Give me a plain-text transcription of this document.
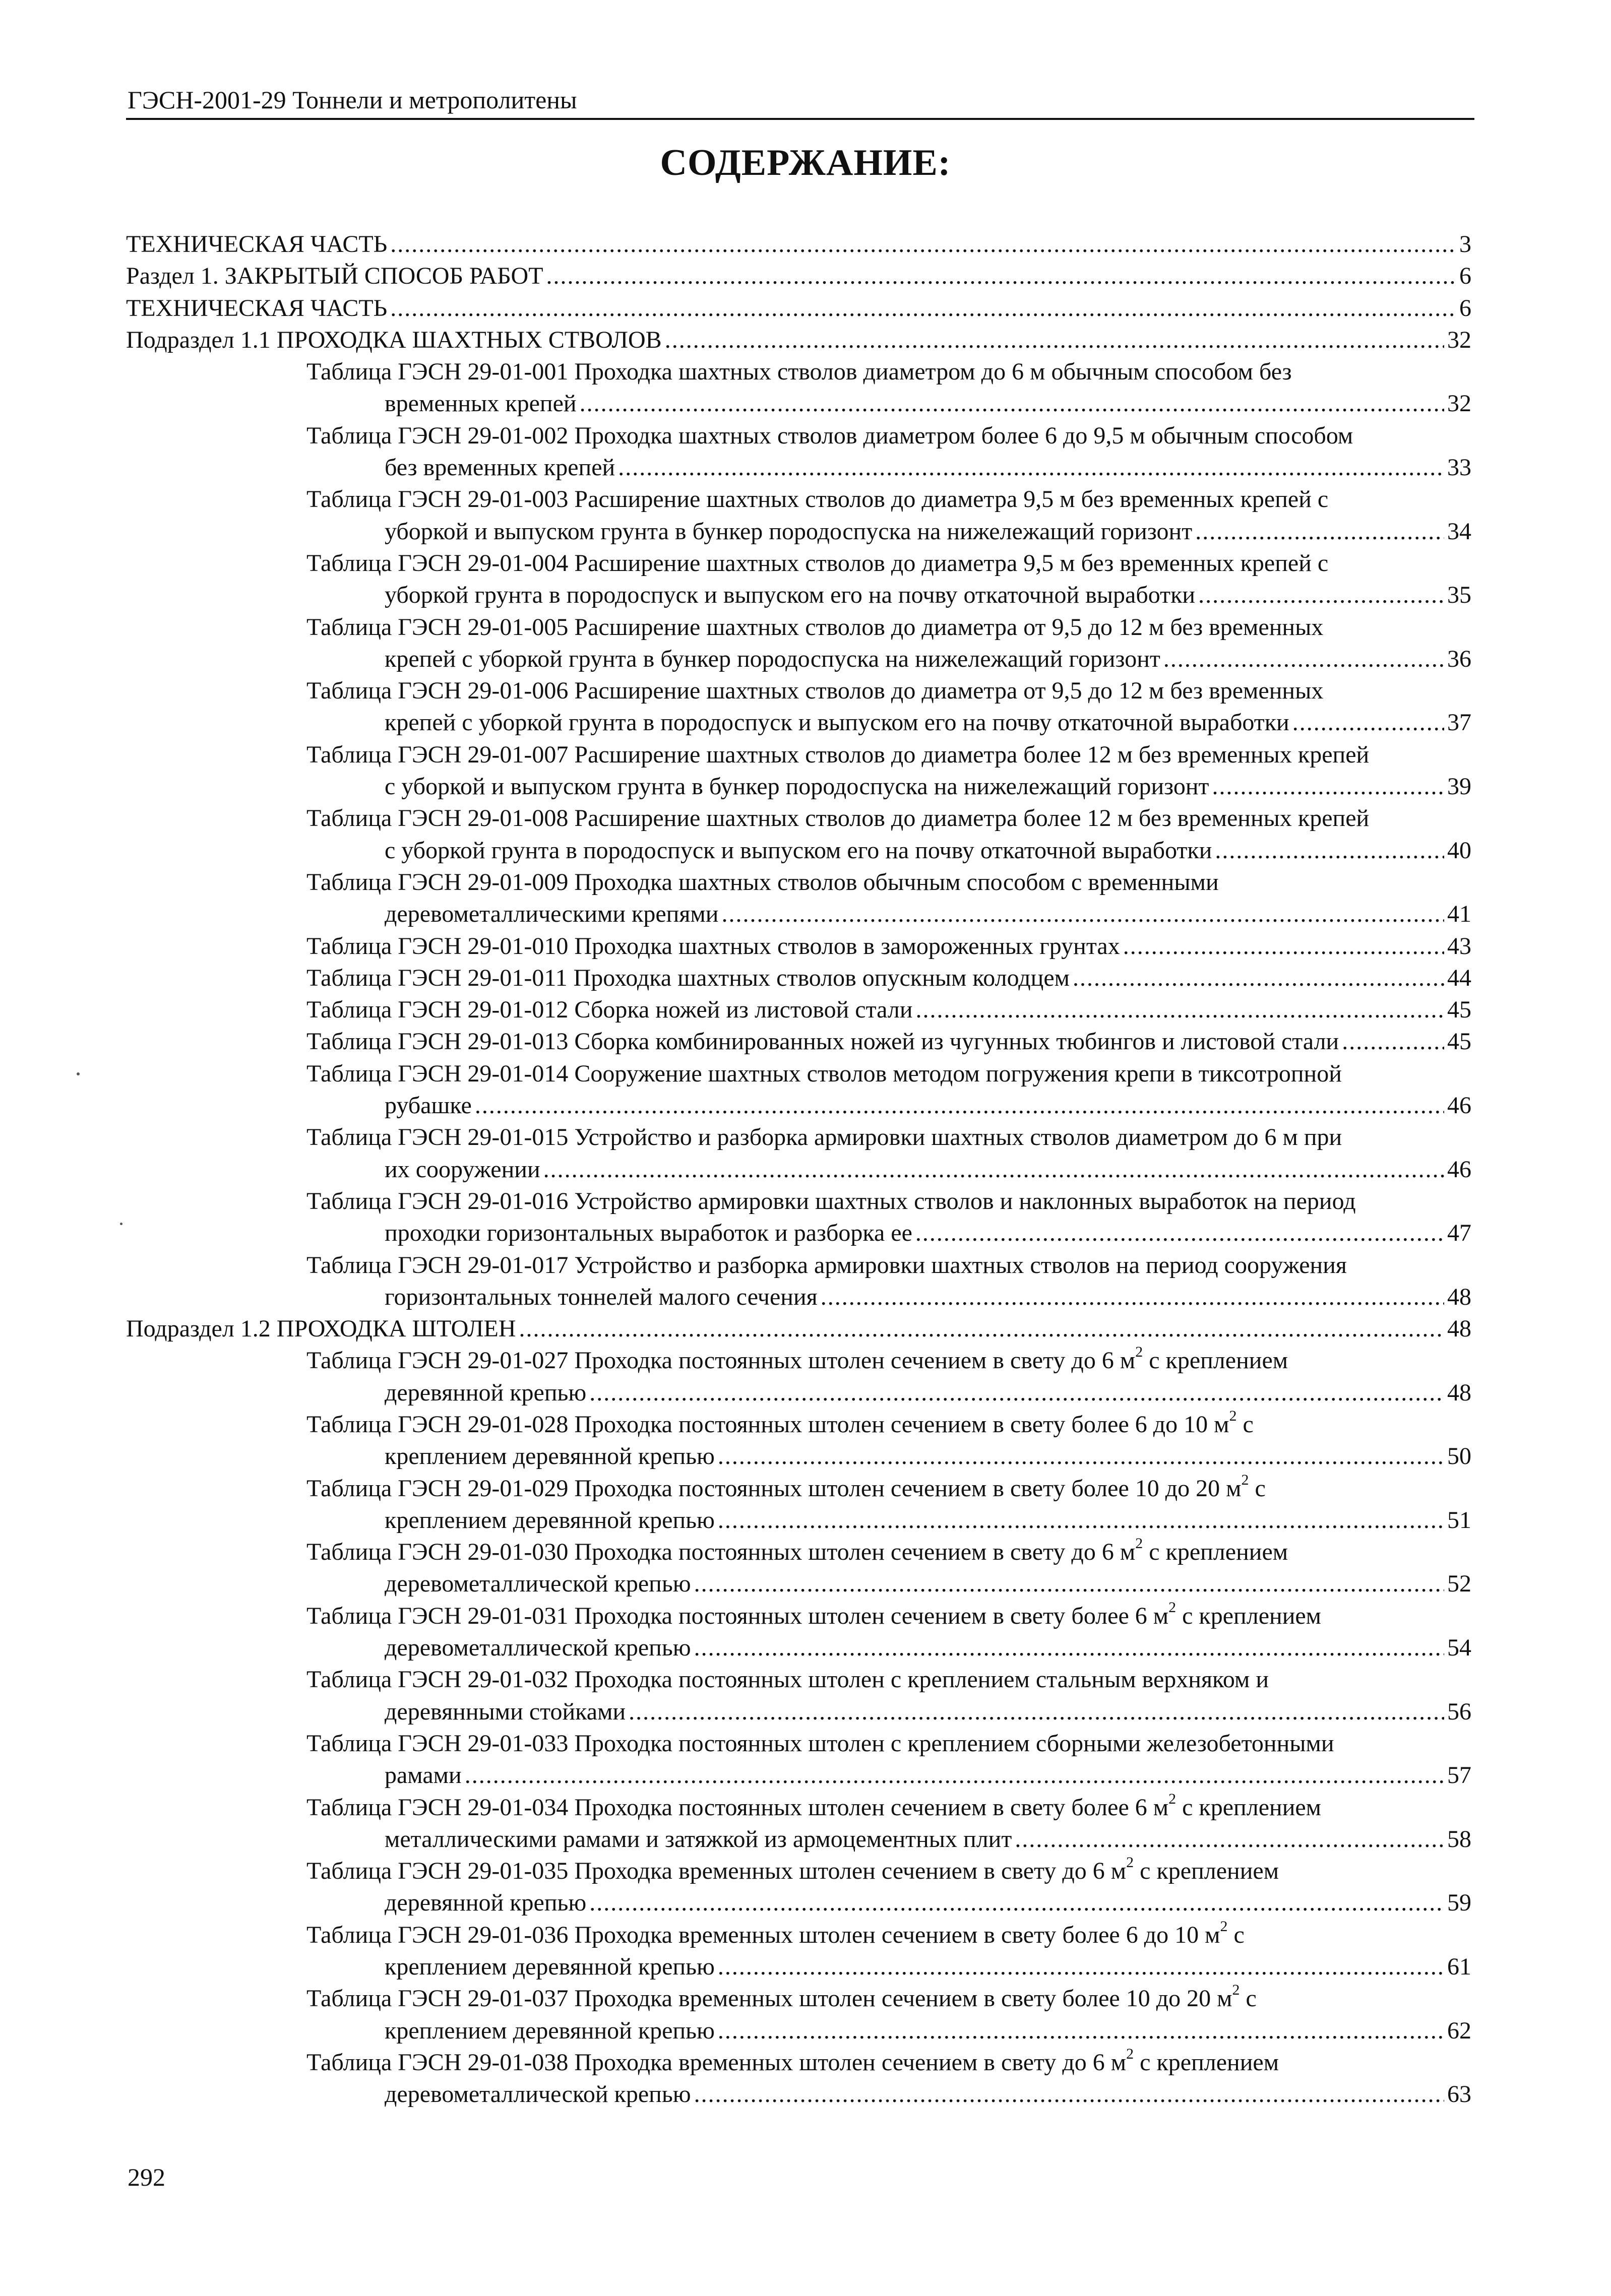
ГЭСН-2001-29 Тоннели и метрополитены
СОДЕРЖАНИЕ:
ТЕХНИЧЕСКАЯ ЧАСТЬ .....	3
Раздел 1. ЗАКРЫТЫЙ СПОСОБ РАБОТ .....	6
ТЕХНИЧЕСКАЯ ЧАСТЬ .....	6
Подраздел 1.1 ПРОХОДКА ШАХТНЫХ СТВОЛОВ .....	32
Таблица ГЭСН 29-01-001 Проходка шахтных стволов диаметром до 6 м обычным способом без
временных крепей .....	32
Таблица ГЭСН 29-01-002 Проходка шахтных стволов диаметром более 6 до 9,5 м обычным способом
без временных крепей .....	33
Таблица ГЭСН 29-01-003 Расширение шахтных стволов до диаметра 9,5 м без временных крепей с
уборкой и выпуском грунта в бункер породоспуска на нижележащий горизонт .....	34
Таблица ГЭСН 29-01-004 Расширение шахтных стволов до диаметра 9,5 м без временных крепей с
уборкой грунта в породоспуск и выпуском его на почву откаточной выработки .....	35
Таблица ГЭСН 29-01-005 Расширение шахтных стволов до диаметра от 9,5 до 12 м без временных
крепей с уборкой грунта в бункер породоспуска на нижележащий горизонт .....	36
Таблица ГЭСН 29-01-006 Расширение шахтных стволов до диаметра от 9,5 до 12 м без временных
крепей с уборкой грунта в породоспуск и выпуском его на почву откаточной выработки .....	37
Таблица ГЭСН 29-01-007 Расширение шахтных стволов до диаметра более 12 м без временных крепей
с уборкой и выпуском грунта в бункер породоспуска на нижележащий горизонт .....	39
Таблица ГЭСН 29-01-008 Расширение шахтных стволов до диаметра более 12 м без временных крепей
с уборкой грунта в породоспуск и выпуском его на почву откаточной выработки .....	40
Таблица ГЭСН 29-01-009 Проходка шахтных стволов обычным способом с временными
деревометаллическими крепями .....	41
Таблица ГЭСН 29-01-010 Проходка шахтных стволов в замороженных грунтах .....	43
Таблица ГЭСН 29-01-011 Проходка шахтных стволов опускным колодцем .....	44
Таблица ГЭСН 29-01-012 Сборка ножей из листовой стали .....	45
Таблица ГЭСН 29-01-013 Сборка комбинированных ножей из чугунных тюбингов и листовой стали .....	45
Таблица ГЭСН 29-01-014 Сооружение шахтных стволов методом погружения крепи в тиксотропной
рубашке .....	46
Таблица ГЭСН 29-01-015 Устройство и разборка армировки шахтных стволов диаметром до 6 м при
их сооружении .....	46
Таблица ГЭСН 29-01-016 Устройство армировки шахтных стволов и наклонных выработок на период
проходки горизонтальных выработок и разборка ее .....	47
Таблица ГЭСН 29-01-017 Устройство и разборка армировки шахтных стволов на период сооружения
горизонтальных тоннелей малого сечения .....	48
Подраздел 1.2 ПРОХОДКА ШТОЛЕН .....	48
Таблица ГЭСН 29-01-027 Проходка постоянных штолен сечением в свету до 6 $м^2$ с креплением
деревянной крепью .....	48
Таблица ГЭСН 29-01-028 Проходка постоянных штолен сечением в свету более 6 до 10 $м^2$ с
креплением деревянной крепью .....	50
Таблица ГЭСН 29-01-029 Проходка постоянных штолен сечением в свету более 10 до 20 $м^2$ с
креплением деревянной крепью .....	51
Таблица ГЭСН 29-01-030 Проходка постоянных штолен сечением в свету до 6 $м^2$ с креплением
деревометаллической крепью .....	52
Таблица ГЭСН 29-01-031 Проходка постоянных штолен сечением в свету более 6 $м^2$ с креплением
деревометаллической крепью .....	54
Таблица ГЭСН 29-01-032 Проходка постоянных штолен с креплением стальным верхняком и
деревянными стойками .....	56
Таблица ГЭСН 29-01-033 Проходка постоянных штолен с креплением сборными железобетонными
рамами .....	57
Таблица ГЭСН 29-01-034 Проходка постоянных штолен сечением в свету более 6 $м^2$ с креплением
металлическими рамами и затяжкой из армоцементных плит .....	58
Таблица ГЭСН 29-01-035 Проходка временных штолен сечением в свету до 6 $м^2$ с креплением
деревянной крепью .....	59
Таблица ГЭСН 29-01-036 Проходка временных штолен сечением в свету более 6 до 10 $м^2$ с
креплением деревянной крепью .....	61
Таблица ГЭСН 29-01-037 Проходка временных штолен сечением в свету более 10 до 20 $м^2$ с
креплением деревянной крепью .....	62
Таблица ГЭСН 29-01-038 Проходка временных штолен сечением в свету до 6 $м^2$ с креплением
деревометаллической крепью .....	63
292
